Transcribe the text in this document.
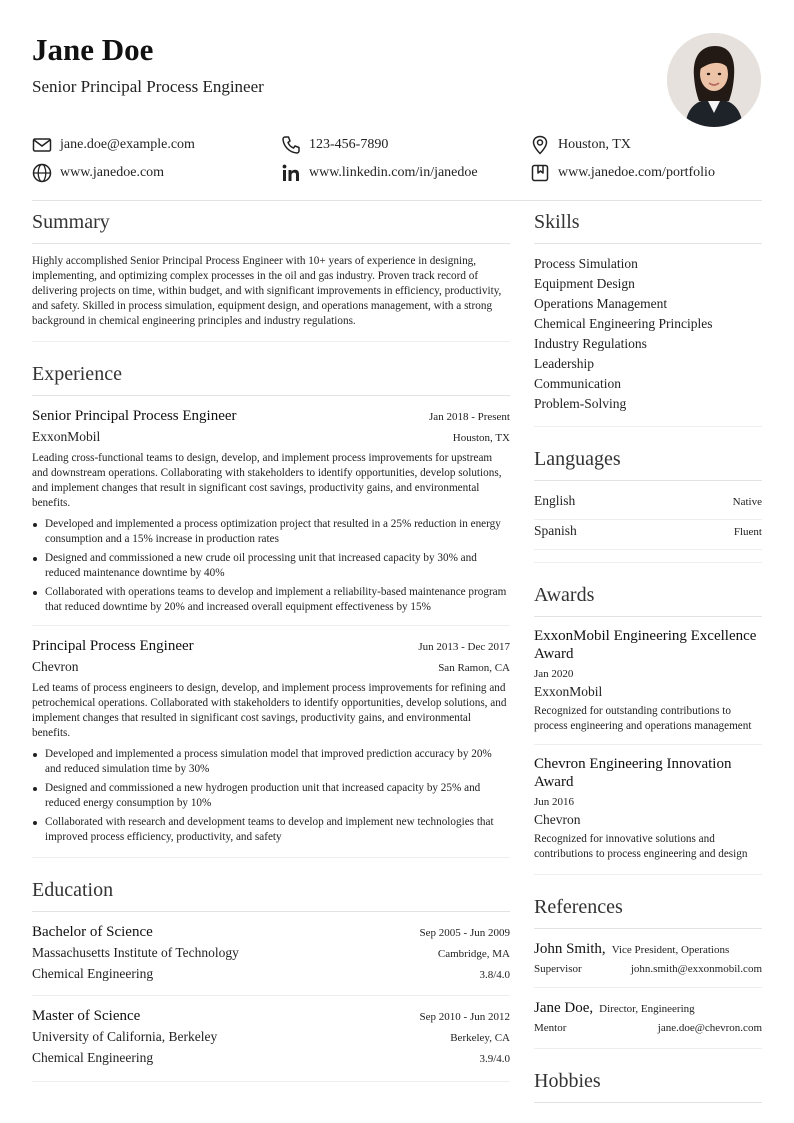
Jane Doe
Senior Principal Process Engineer
jane.doe@example.com	123-456-7890	Houston, TX
www.janedoe.com	www.linkedin.com/in/janedoe	www.janedoe.com/portfolio
Summary

Highly accomplished Senior Principal Process Engineer with 10+ years of experience in designing, implementing, and optimizing complex processes in the oil and gas industry. Proven track record of delivering projects on time, within budget, and with significant improvements in efficiency, productivity, and safety. Skilled in process simulation, equipment design, and operations management, with a strong background in chemical engineering principles and industry regulations.

Experience
Senior Principal Process Engineer	Jan 2018 - Present
ExxonMobil	Houston, TX

Leading cross-functional teams to design, develop, and implement process improvements for upstream and downstream operations. Collaborating with stakeholders to identify opportunities, develop solutions, and implement changes that result in significant cost savings, productivity gains, and environmental benefits.

Developed and implemented a process optimization project that resulted in a 25% reduction in energy consumption and a 15% increase in production rates
Designed and commissioned a new crude oil processing unit that increased capacity by 30% and reduced maintenance downtime by 40%
Collaborated with operations teams to develop and implement a reliability-based maintenance program that reduced downtime by 20% and increased overall equipment effectiveness by 15%
Principal Process Engineer	Jun 2013 - Dec 2017
Chevron	San Ramon, CA

Led teams of process engineers to design, develop, and implement process improvements for refining and petrochemical operations. Collaborated with stakeholders to identify opportunities, develop solutions, and implement changes that resulted in significant cost savings, productivity gains, and environmental benefits.

Developed and implemented a process simulation model that improved prediction accuracy by 20% and reduced simulation time by 30%
Designed and commissioned a new hydrogen production unit that increased capacity by 25% and reduced energy consumption by 10%
Collaborated with research and development teams to develop and implement new technologies that improved process efficiency, productivity, and safety
Education
Bachelor of Science	Sep 2005 - Jun 2009
Massachusetts Institute of Technology	Cambridge, MA
Chemical Engineering	3.8/4.0
Master of Science	Sep 2010 - Jun 2012
University of California, Berkeley	Berkeley, CA
Chemical Engineering	3.9/4.0
Skills
Process Simulation
Equipment Design
Operations Management
Chemical Engineering Principles
Industry Regulations
Leadership
Communication
Problem-Solving
Languages
English	Native
Spanish	Fluent
Awards
ExxonMobil Engineering Excellence Award
Jan 2020
ExxonMobil
Recognized for outstanding contributions to process engineering and operations management
Chevron Engineering Innovation Award
Jun 2016
Chevron
Recognized for innovative solutions and contributions to process engineering and design
References
John Smith, Vice President, Operations
Supervisor	john.smith@exxonmobil.com
Jane Doe, Director, Engineering
Mentor	jane.doe@chevron.com
Hobbies
